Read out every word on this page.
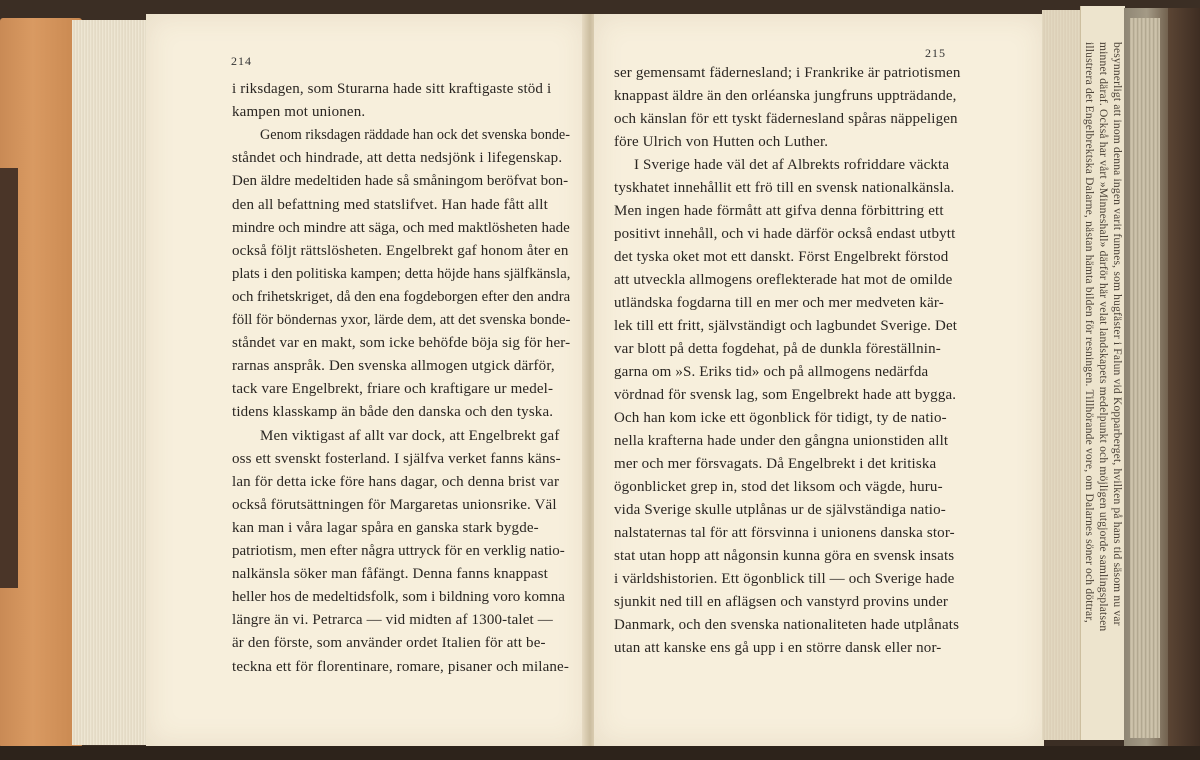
214
i riksdagen, som Sturarna hade sitt kraftigaste stöd i
kampen mot unionen.
Genom riksdagen räddade han ock det svenska bonde-
ståndet och hindrade, att detta nedsjönk i lifegenskap.
Den äldre medeltiden hade så småningom beröfvat bon-
den all befattning med statslifvet. Han hade fått allt
mindre och mindre att säga, och med maktlösheten hade
också följt rättslösheten. Engelbrekt gaf honom åter en
plats i den politiska kampen; detta höjde hans själfkänsla,
och frihetskriget, då den ena fogdeborgen efter den andra
föll för böndernas yxor, lärde dem, att det svenska bonde-
ståndet var en makt, som icke behöfde böja sig för her-
rarnas anspråk. Den svenska allmogen utgick därför,
tack vare Engelbrekt, friare och kraftigare ur medel-
tidens klasskamp än både den danska och den tyska.
Men viktigast af allt var dock, att Engelbrekt gaf
oss ett svenskt fosterland. I själfva verket fanns käns-
lan för detta icke före hans dagar, och denna brist var
också förutsättningen för Margaretas unionsrike. Väl
kan man i våra lagar spåra en ganska stark bygde-
patriotism, men efter några uttryck för en verklig natio-
nalkänsla söker man fåfängt. Denna fanns knappast
heller hos de medeltidsfolk, som i bildning voro komna
längre än vi. Petrarca — vid midten af 1300-talet —
är den förste, som använder ordet Italien för att be-
teckna ett för florentinare, romare, pisaner och milane-
215
ser gemensamt fädernesland; i Frankrike är patriotismen
knappast äldre än den orléanska jungfruns uppträdande,
och känslan för ett tyskt fädernesland spåras näppeligen
före Ulrich von Hutten och Luther.
I Sverige hade väl det af Albrekts rofriddare väckta
tyskhatet innehållit ett frö till en svensk nationalkänsla.
Men ingen hade förmått att gifva denna förbittring ett
positivt innehåll, och vi hade därför också endast utbytt
det tyska oket mot ett danskt. Först Engelbrekt förstod
att utveckla allmogens oreflekterade hat mot de omilde
utländska fogdarna till en mer och mer medveten kär-
lek till ett fritt, självständigt och lagbundet Sverige. Det
var blott på detta fogdehat, på de dunkla föreställnin-
garna om »S. Eriks tid» och på allmogens nedärfda
vördnad för svensk lag, som Engelbrekt hade att bygga.
Och han kom icke ett ögonblick för tidigt, ty de natio-
nella krafterna hade under den gångna unionstiden allt
mer och mer försvagats. Då Engelbrekt i det kritiska
ögonblicket grep in, stod det liksom och vägde, huru-
vida Sverige skulle utplånas ur de självständiga natio-
nalstaternas tal för att försvinna i unionens danska stor-
stat utan hopp att någonsin kunna göra en svensk insats
i världshistorien. Ett ögonblick till — och Sverige hade
sjunkit ned till en aflägsen och vanstyrd provins under
Danmark, och den svenska nationaliteten hade utplånats
utan att kanske ens gå upp i en större dansk eller nor-
besynnerligt att inom denna ingen varit funnes, som hugfäster i Falun vid Kopparberget, hvilken på hans tid säsom nu var
minnet däraf. Också har vårt »Minneshall» därför här velat landskapets medelpunkt och möjligen utgjorde samlingsplatsen
illustrera det Engelbrektska Dalarne, nästan hämta bilden för resningen. Tillhörande vore, om Dalarnes söner och döttrar,
